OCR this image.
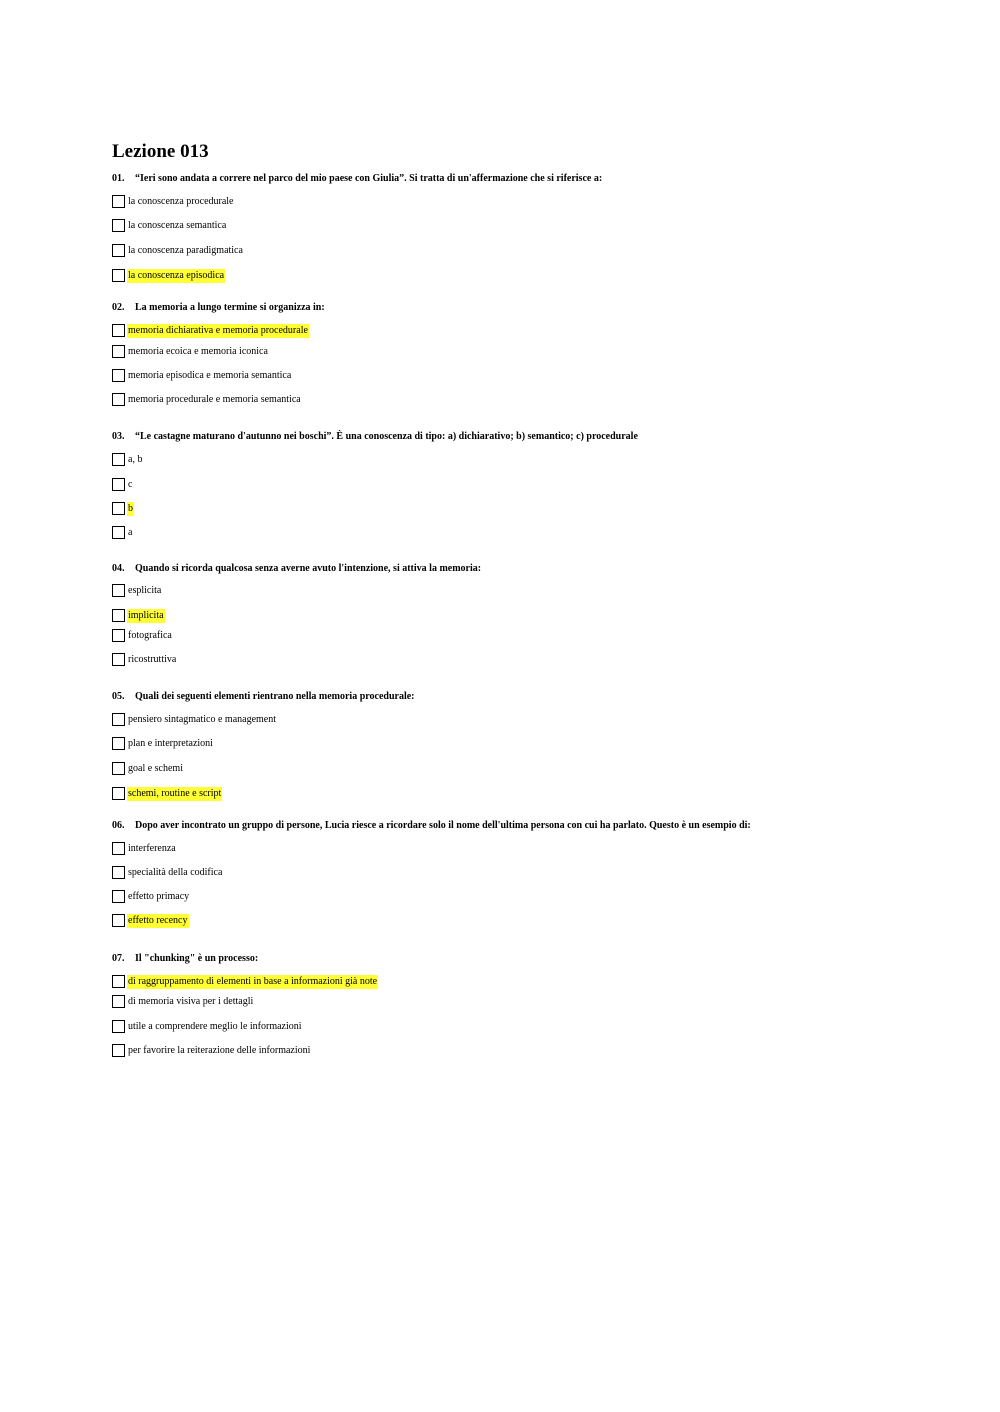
Lezione 013
01. “Ieri sono andata a correre nel parco del mio paese con Giulia”. Si tratta di un'affermazione che si riferisce a:
la conoscenza procedurale
la conoscenza semantica
la conoscenza paradigmatica
la conoscenza episodica
02. La memoria a lungo termine si organizza in:
memoria dichiarativa e memoria procedurale
memoria ecoica e memoria iconica
memoria episodica e memoria semantica
memoria procedurale e memoria semantica
03. “Le castagne maturano d'autunno nei boschi”. È una conoscenza di tipo: a) dichiarativo; b) semantico; c) procedurale
a, b
c
b
a
04. Quando si ricorda qualcosa senza averne avuto l'intenzione, si attiva la memoria:
esplicita
implicita
fotografica
ricostruttiva
05. Quali dei seguenti elementi rientrano nella memoria procedurale:
pensiero sintagmatico e management
plan e interpretazioni
goal e schemi
schemi, routine e script
06. Dopo aver incontrato un gruppo di persone, Lucia riesce a ricordare solo il nome dell'ultima persona con cui ha parlato. Questo è un esempio di:
interferenza
specialità della codifica
effetto primacy
effetto recency
07. Il "chunking" è un processo:
di raggruppamento di elementi in base a informazioni già note
di memoria visiva per i dettagli
utile a comprendere meglio le informazioni
per favorire la reiterazione delle informazioni
